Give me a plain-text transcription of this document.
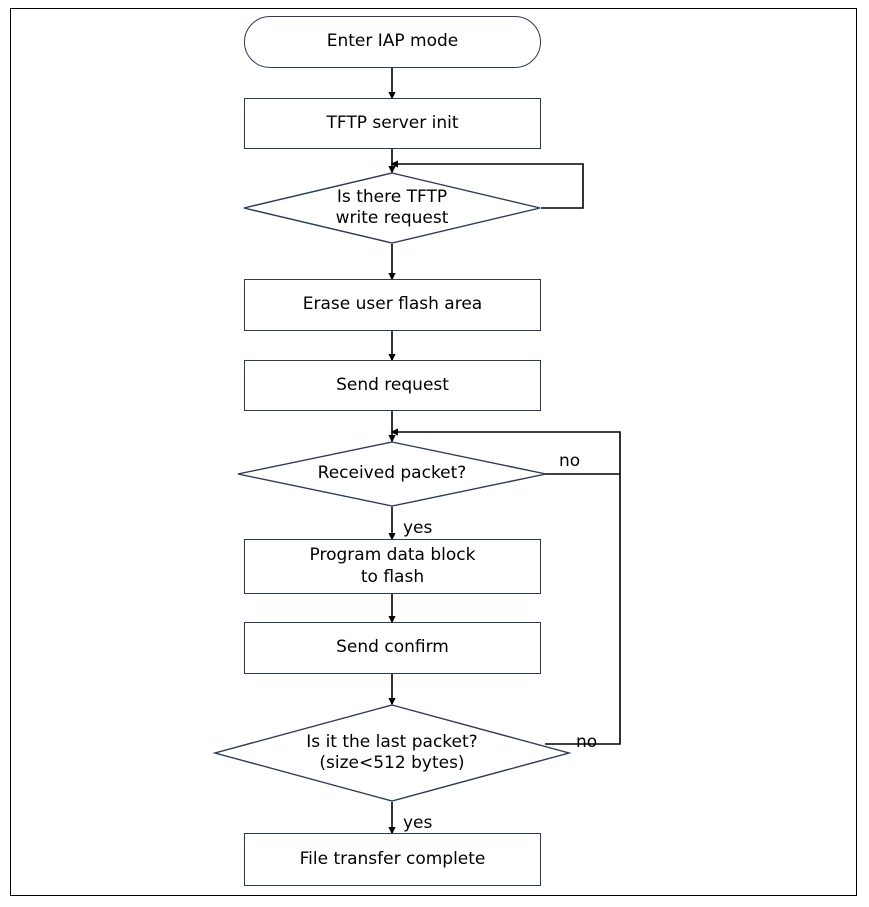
Enter IAP mode
TFTP server init
Is there TFTP
write request
Erase user flash area
Send request
Received packet?
Program data block
to flash
Send confirm
Is it the last packet?
(size<512 bytes)
File transfer complete
no
yes
no
yes
